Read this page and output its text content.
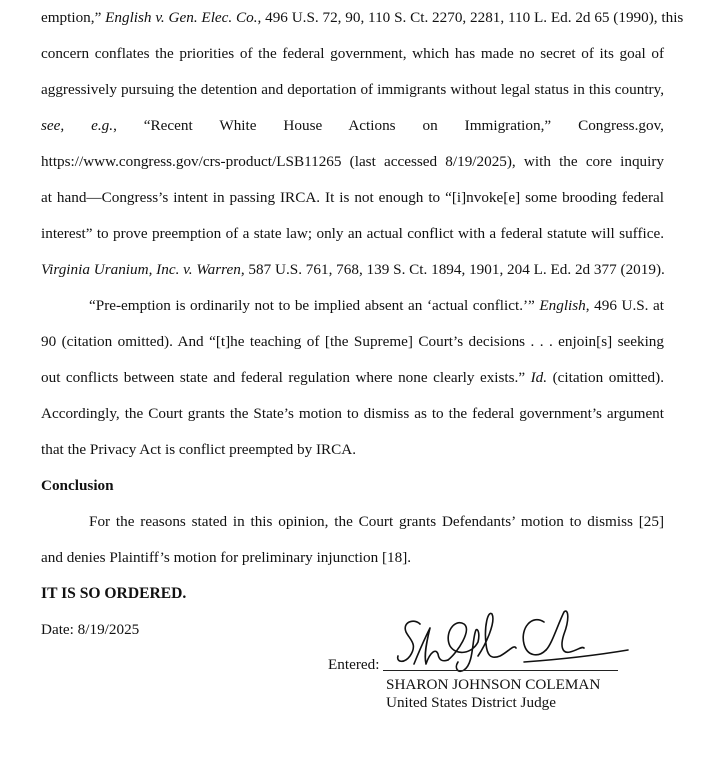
emption,” English v. Gen. Elec. Co., 496 U.S. 72, 90, 110 S. Ct. 2270, 2281, 110 L. Ed. 2d 65 (1990), this
concern conflates the priorities of the federal government, which has made no secret of its goal of
aggressively pursuing the detention and deportation of immigrants without legal status in this country,
see, e.g., “Recent White House Actions on Immigration,” Congress.gov,
https://www.congress.gov/crs-product/LSB11265 (last accessed 8/19/2025), with the core inquiry
at hand—Congress’s intent in passing IRCA. It is not enough to “[i]nvoke[e] some brooding federal
interest” to prove preemption of a state law; only an actual conflict with a federal statute will suffice.
Virginia Uranium, Inc. v. Warren, 587 U.S. 761, 768, 139 S. Ct. 1894, 1901, 204 L. Ed. 2d 377 (2019).
“Pre-emption is ordinarily not to be implied absent an ‘actual conflict.’” English, 496 U.S. at
90 (citation omitted). And “[t]he teaching of [the Supreme] Court’s decisions . . . enjoin[s] seeking
out conflicts between state and federal regulation where none clearly exists.” Id. (citation omitted).
Accordingly, the Court grants the State’s motion to dismiss as to the federal government’s argument
that the Privacy Act is conflict preempted by IRCA.
Conclusion
For the reasons stated in this opinion, the Court grants Defendants’ motion to dismiss [25]
and denies Plaintiff’s motion for preliminary injunction [18].
IT IS SO ORDERED.
Date: 8/19/2025
Entered:
SHARON JOHNSON COLEMAN
United States District Judge
